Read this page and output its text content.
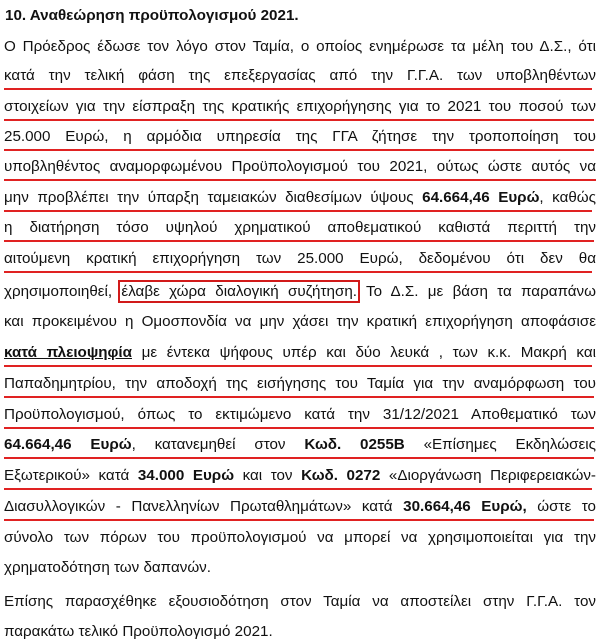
10. Αναθεώρηση προϋπολογισμού 2021.
Ο Πρόεδρος έδωσε τον λόγο στον Ταμία, ο οποίος ενημέρωσε τα μέλη του Δ.Σ., ότι
κατά την τελική φάση της επεξεργασίας από την Γ.Γ.Α. των υποβληθέντων
στοιχείων για την είσπραξη της κρατικής επιχορήγησης για το 2021 του ποσού των
25.000 Ευρώ, η αρμόδια υπηρεσία της ΓΓΑ ζήτησε την τροποποίηση του
υποβληθέντος αναμορφωμένου Προϋπολογισμού του 2021, ούτως ώστε αυτός να
μην προβλέπει την ύπαρξη ταμειακών διαθεσίμων ύψους 64.664,46 Ευρώ, καθώς
η διατήρηση τόσο υψηλού χρηματικού αποθεματικού καθιστά περιττή την
αιτούμενη κρατική επιχορήγηση των 25.000 Ευρώ, δεδομένου ότι δεν θα
χρησιμοποιηθεί, έλαβε χώρα διαλογική συζήτηση. Το Δ.Σ. με βάση τα παραπάνω
και προκειμένου η Ομοσπονδία να μην χάσει την κρατική επιχορήγηση αποφάσισε
κατά πλειοψηφία με έντεκα ψήφους υπέρ και δύο λευκά , των κ.κ. Μακρή και
Παπαδημητρίου, την αποδοχή της εισήγησης του Ταμία για την αναμόρφωση του
Προϋπολογισμού, όπως το εκτιμώμενο κατά την 31/12/2021 Αποθεματικό των
64.664,46 Ευρώ, κατανεμηθεί στον Κωδ. 0255Β «Επίσημες Εκδηλώσεις
Εξωτερικού» κατά 34.000 Ευρώ και τον Κωδ. 0272 «Διοργάνωση Περιφερειακών-
Διασυλλογικών - Πανελληνίων Πρωταθλημάτων» κατά 30.664,46 Ευρώ, ώστε το
σύνολο των πόρων του προϋπολογισμού να μπορεί να χρησιμοποιείται για την
χρηματοδότηση των δαπανών.
Επίσης παρασχέθηκε εξουσιοδότηση στον Ταμία να αποστείλει στην Γ.Γ.Α. τον
παρακάτω τελικό Προϋπολογισμό 2021.
